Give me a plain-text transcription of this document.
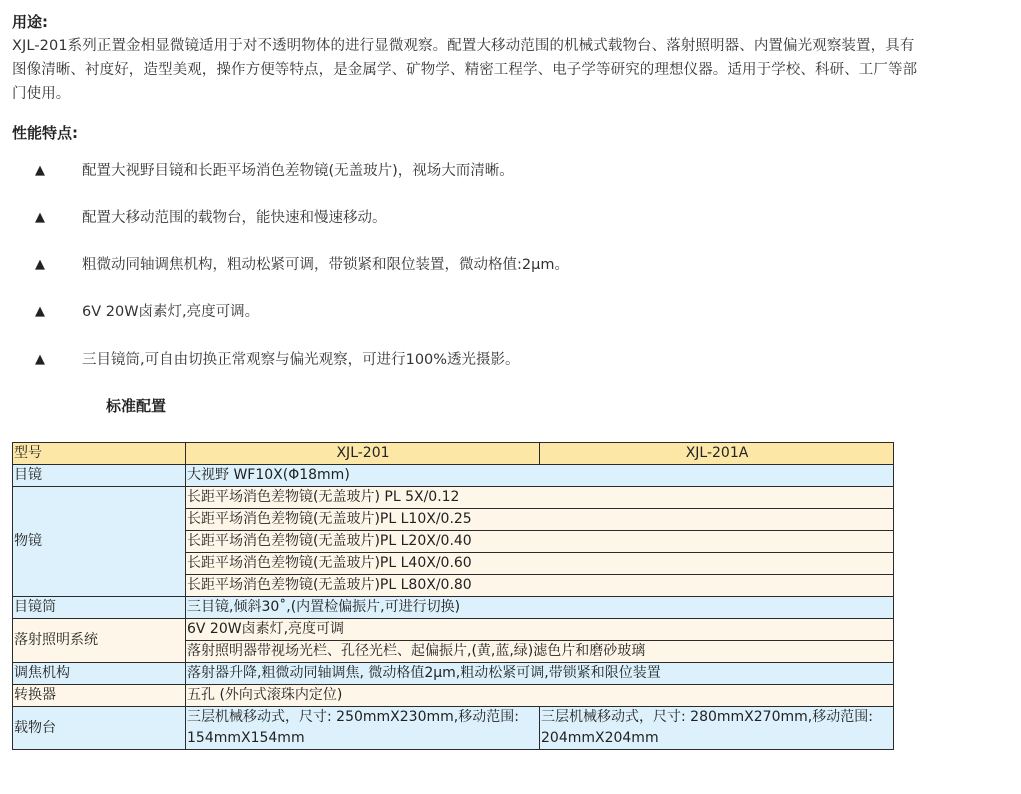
用途:
XJL-201系列正置金相显微镜适用于对不透明物体的进行显微观察。配置大移动范围的机械式载物台、落射照明器、内置偏光观察装置，具有
图像清晰、衬度好，造型美观，操作方便等特点，是金属学、矿物学、精密工程学、电子学等研究的理想仪器。适用于学校、科研、工厂等部
门使用。
性能特点:
▲	配置大视野目镜和长距平场消色差物镜(无盖玻片)，视场大而清晰。
▲	配置大移动范围的载物台，能快速和慢速移动。
▲	粗微动同轴调焦机构，粗动松紧可调，带锁紧和限位装置，微动格值:2μm。
▲	6V 20W卤素灯,亮度可调。
▲	三目镜筒,可自由切换正常观察与偏光观察，可进行100%透光摄影。
标准配置
型号	XJL-201	XJL-201A
目镜	大视野 WF10X(Φ18mm)	
物镜	长距平场消色差物镜(无盖玻片) PL 5X/0.12	
	长距平场消色差物镜(无盖玻片)PL L10X/0.25	
	长距平场消色差物镜(无盖玻片)PL L20X/0.40	
	长距平场消色差物镜(无盖玻片)PL L40X/0.60	
	长距平场消色差物镜(无盖玻片)PL L80X/0.80	
目镜筒	三目镜,倾斜30˚,(内置检偏振片,可进行切换)	
落射照明系统	6V 20W卤素灯,亮度可调	
	落射照明器带视场光栏、孔径光栏、起偏振片,(黄,蓝,绿)滤色片和磨砂玻璃	
调焦机构	落射器升降,粗微动同轴调焦, 微动格值2μm,粗动松紧可调,带锁紧和限位装置	
转换器	五孔 (外向式滚珠内定位)	
载物台	三层机械移动式，尺寸: 250mmX230mm,移动范围: 154mmX154mm	三层机械移动式，尺寸: 280mmX270mm,移动范围: 204mmX204mm
